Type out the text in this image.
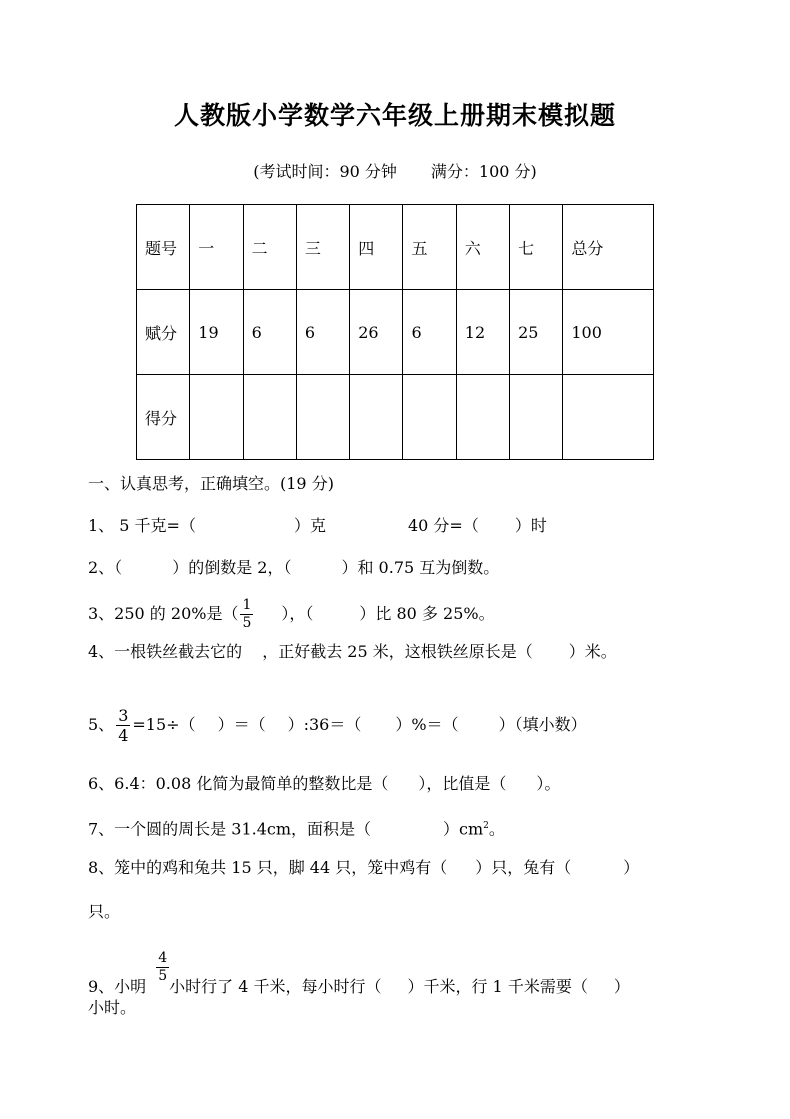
人教版小学数学六年级上册期末模拟题
(考试时间：90 分钟 满分：100 分)
题号	一	二	三	四	五	六	七	总分
赋分	19	6	6	26	6	12	25	100
得分								
一、认真思考，正确填空。(19 分)
1、 5 千克=（	）克	40 分=（ ）时
2、（	）的倒数是 2，（	）和 0.75 互为倒数。
3、250 的 20%是（ $\frac{1}{5}$ ），（	）比 80 多 25%。
4、一根铁丝截去它的 ，正好截去 25 米，这根铁丝原长是（ ）米。
5、 $\frac{3}{4} =15\div$（ ）＝（ ）:36＝（ ）%＝（	）（填小数）
6、6.4：0.08 化简为最简单的整数比是（ ），比值是（ ）。
7、一个圆的周长是 31.4cm，面积是（	）$cm^2$。
8、笼中的鸡和兔共 15 只，脚 44 只，笼中鸡有（ ）只，兔有（	）
只。
9、小明
$\frac{4}{5}$
小时行了 4 千米，每小时行（ ）千米，行 1 千米需要（ ）
小时。
